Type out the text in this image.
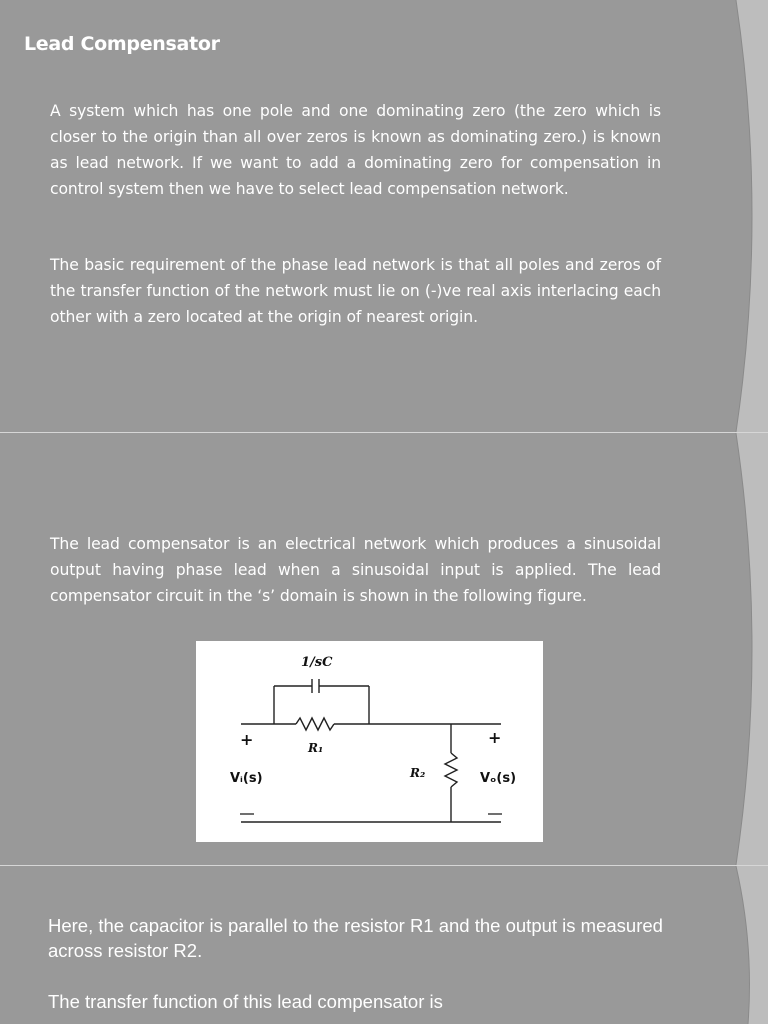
Lead Compensator
A system which has one pole and one dominating zero (the zero which is closer to the origin than all over zeros is known as dominating zero.) is known as lead network. If we want to add a dominating zero for compensation in control system then we have to select lead compensation network.
The basic requirement of the phase lead network is that all poles and zeros of the transfer function of the network must lie on (-)ve real axis interlacing each other with a zero located at the origin of nearest origin.
The lead compensator is an electrical network which produces a sinusoidal output having phase lead when a sinusoidal input is applied. The lead compensator circuit in the ‘s’ domain is shown in the following figure.
1/sC
R₁
R₂
+	+
Vᵢ(s)	Vₒ(s)
Here, the capacitor is parallel to the resistor R1 and the output is measured across resistor R2.
The transfer function of this lead compensator is
